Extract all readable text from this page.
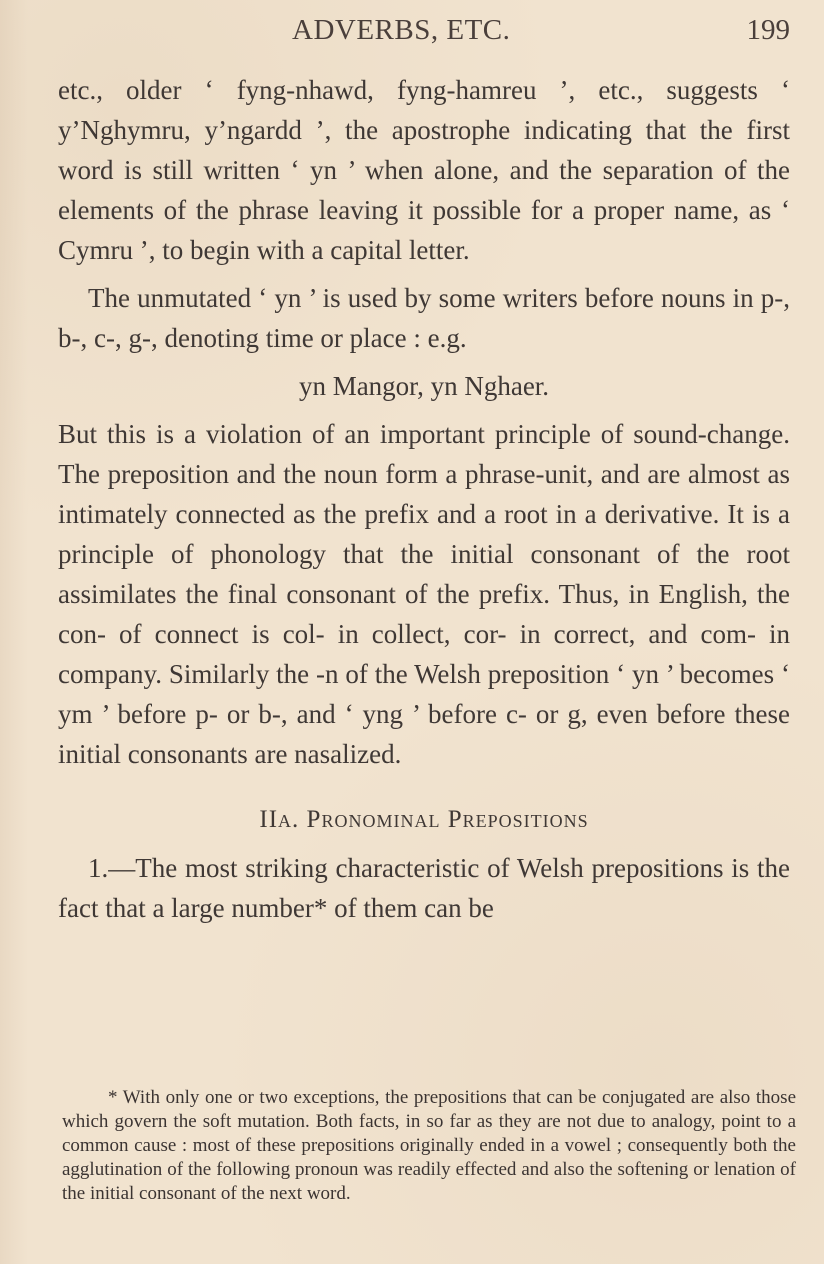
ADVERBS, ETC.	199

etc., older ‘ fyng-nhawd, fyng-hamreu ’, etc., suggests ‘ y’Nghymru, y’ngardd ’, the apostrophe indicating that the first word is still written ‘ yn ’ when alone, and the separation of the elements of the phrase leaving it possible for a proper name, as ‘ Cymru ’, to begin with a capital letter.

The unmutated ‘ yn ’ is used by some writers before nouns in p-, b-, c-, g-, denoting time or place : e.g.

yn Mangor, yn Nghaer.

But this is a violation of an important principle of sound-change. The preposition and the noun form a phrase-unit, and are almost as intimately connected as the prefix and a root in a derivative. It is a principle of phonology that the initial consonant of the root assimilates the final consonant of the prefix. Thus, in English, the con- of connect is col- in collect, cor- in correct, and com- in company. Similarly the -n of the Welsh preposition ‘ yn ’ becomes ‘ ym ’ before p- or b-, and ‘ yng ’ before c- or g, even before these initial consonants are nasalized.

IIa. Pronominal Prepositions

1.—The most striking characteristic of Welsh prepositions is the fact that a large number* of them can be

* With only one or two exceptions, the prepositions that can be conjugated are also those which govern the soft mutation. Both facts, in so far as they are not due to analogy, point to a common cause : most of these prepositions originally ended in a vowel ; consequently both the agglutination of the following pronoun was readily effected and also the softening or lenation of the initial consonant of the next word.
